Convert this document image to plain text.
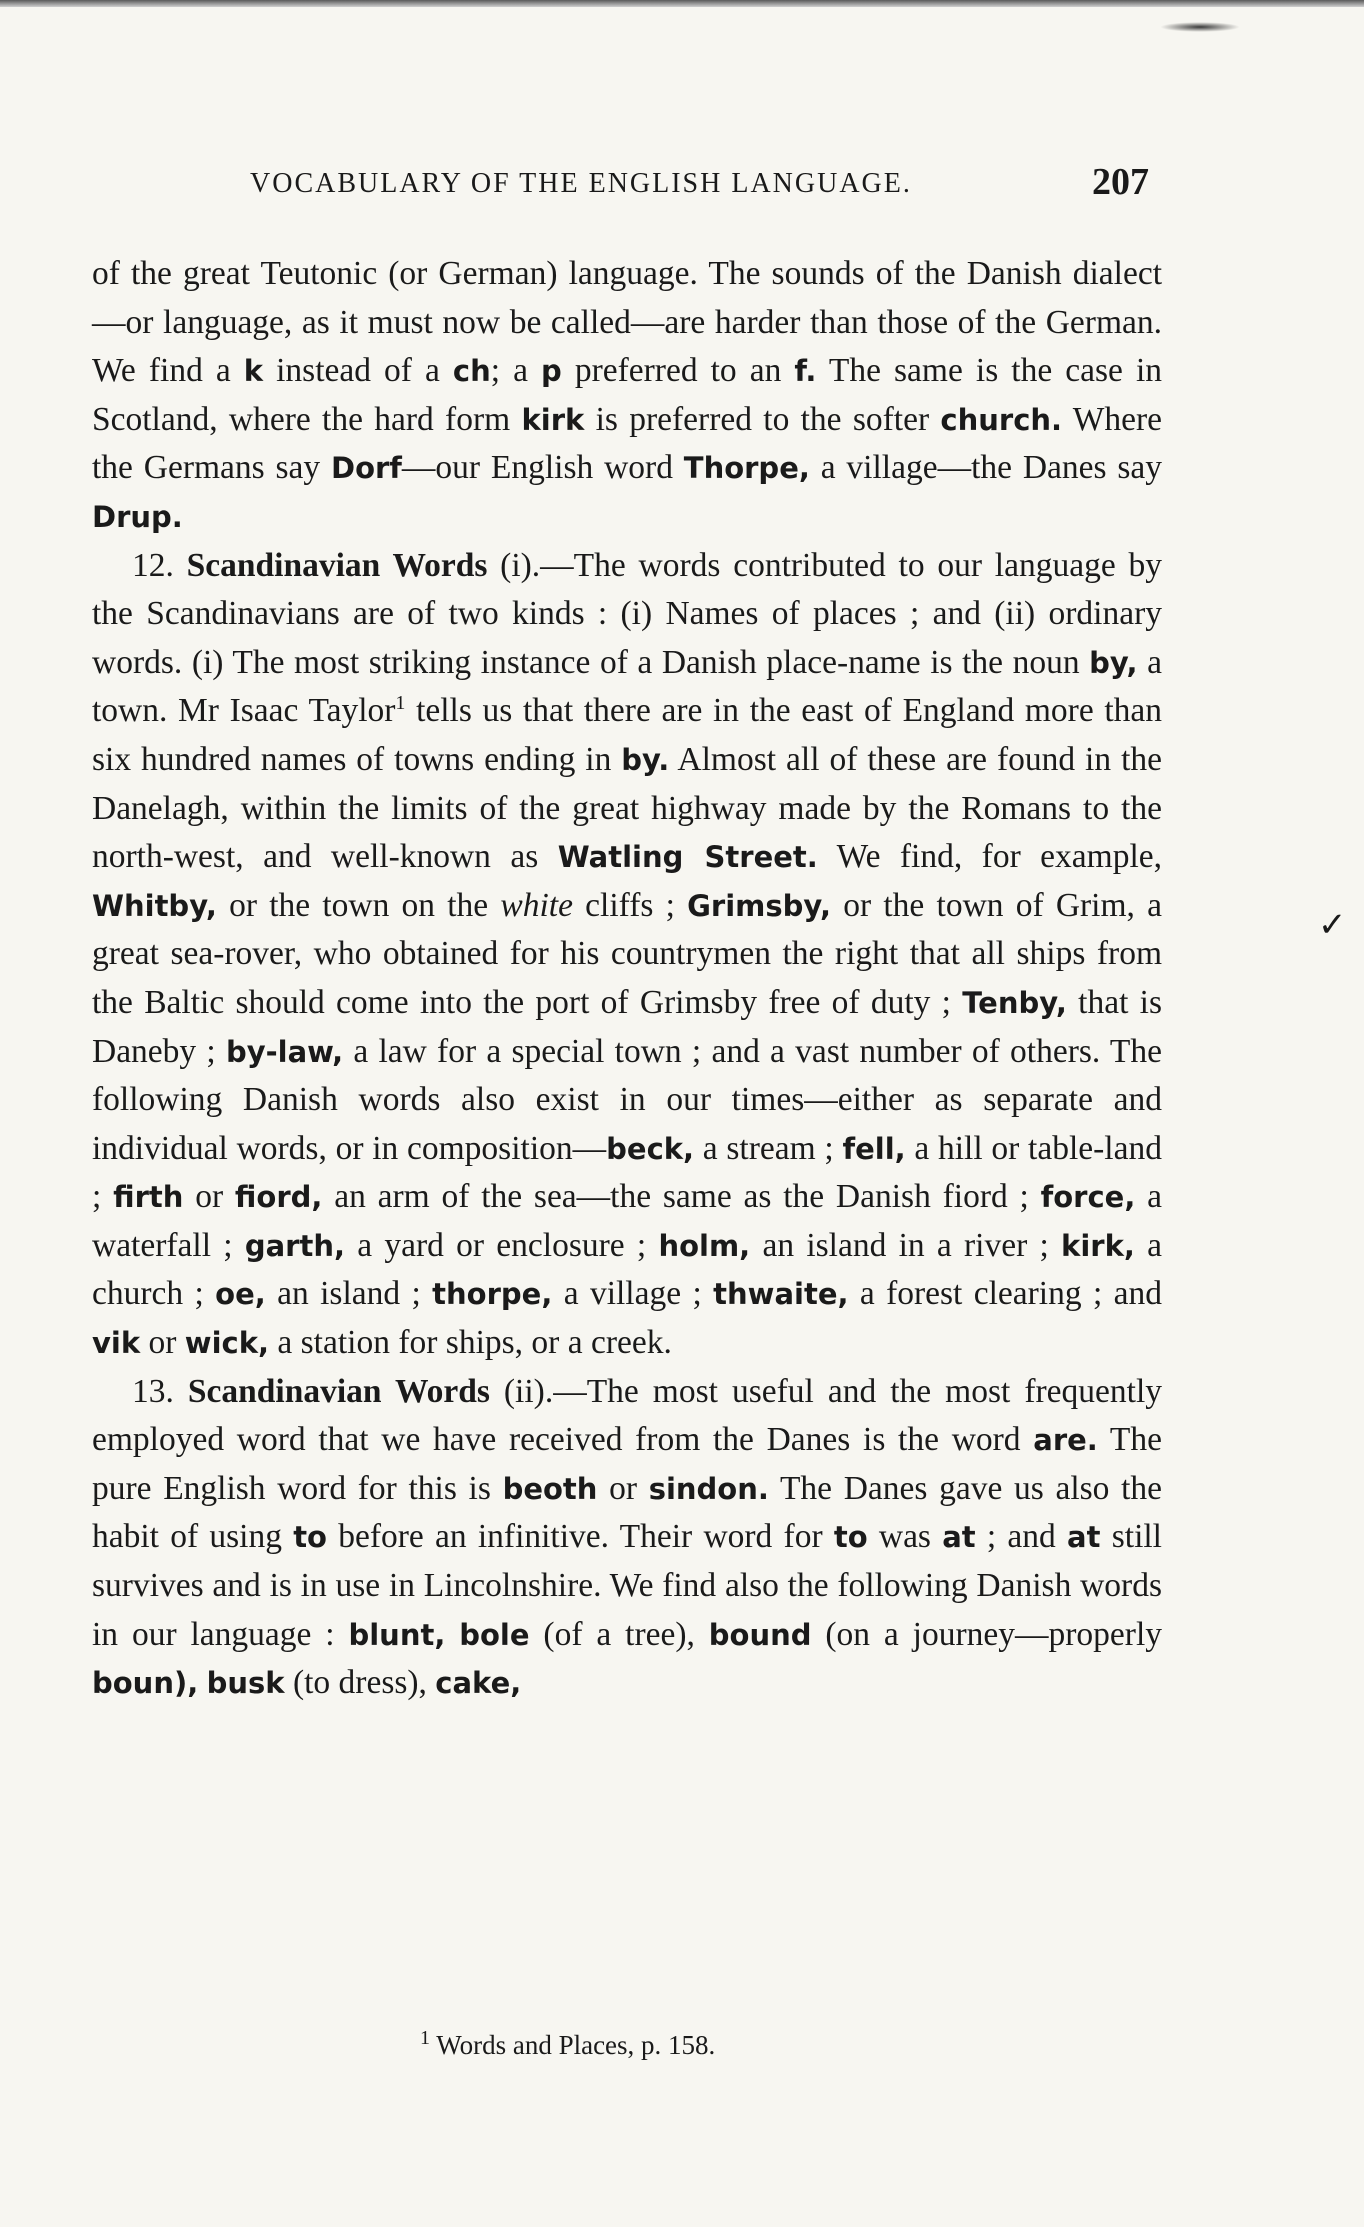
VOCABULARY OF THE ENGLISH LANGUAGE.	207

of the great Teutonic (or German) language. The sounds of the Danish dialect—or language, as it must now be called—are harder than those of the German. We find a k instead of a ch; a p preferred to an f. The same is the case in Scotland, where the hard form kirk is preferred to the softer church. Where the Germans say Dorf—our English word Thorpe, a village—the Danes say Drup.

12. Scandinavian Words (i).—The words contributed to our language by the Scandinavians are of two kinds : (i) Names of places ; and (ii) ordinary words. (i) The most striking instance of a Danish place-name is the noun by, a town. Mr Isaac Taylor$^1$ tells us that there are in the east of England more than six hundred names of towns ending in by. Almost all of these are found in the Danelagh, within the limits of the great highway made by the Romans to the north-west, and well-known as Watling Street. We find, for example, Whitby, or the town on the white cliffs ; Grimsby, or the town of Grim, a great sea-rover, who obtained for his countrymen the right that all ships from the Baltic should come into the port of Grimsby free of duty ; Tenby, that is Daneby ; by-law, a law for a special town ; and a vast number of others. The following Danish words also exist in our times—either as separate and individual words, or in composition—beck, a stream ; fell, a hill or table-land ; firth or fiord, an arm of the sea—the same as the Danish fiord ; force, a waterfall ; garth, a yard or enclosure ; holm, an island in a river ; kirk, a church ; oe, an island ; thorpe, a village ; thwaite, a forest clearing ; and vik or wick, a station for ships, or a creek.

13. Scandinavian Words (ii).—The most useful and the most frequently employed word that we have received from the Danes is the word are. The pure English word for this is beoth or sindon. The Danes gave us also the habit of using to before an infinitive. Their word for to was at ; and at still survives and is in use in Lincolnshire. We find also the following Danish words in our language : blunt, bole (of a tree), bound (on a journey—properly boun), busk (to dress), cake,

✓
$^1$ Words and Places, p. 158.
